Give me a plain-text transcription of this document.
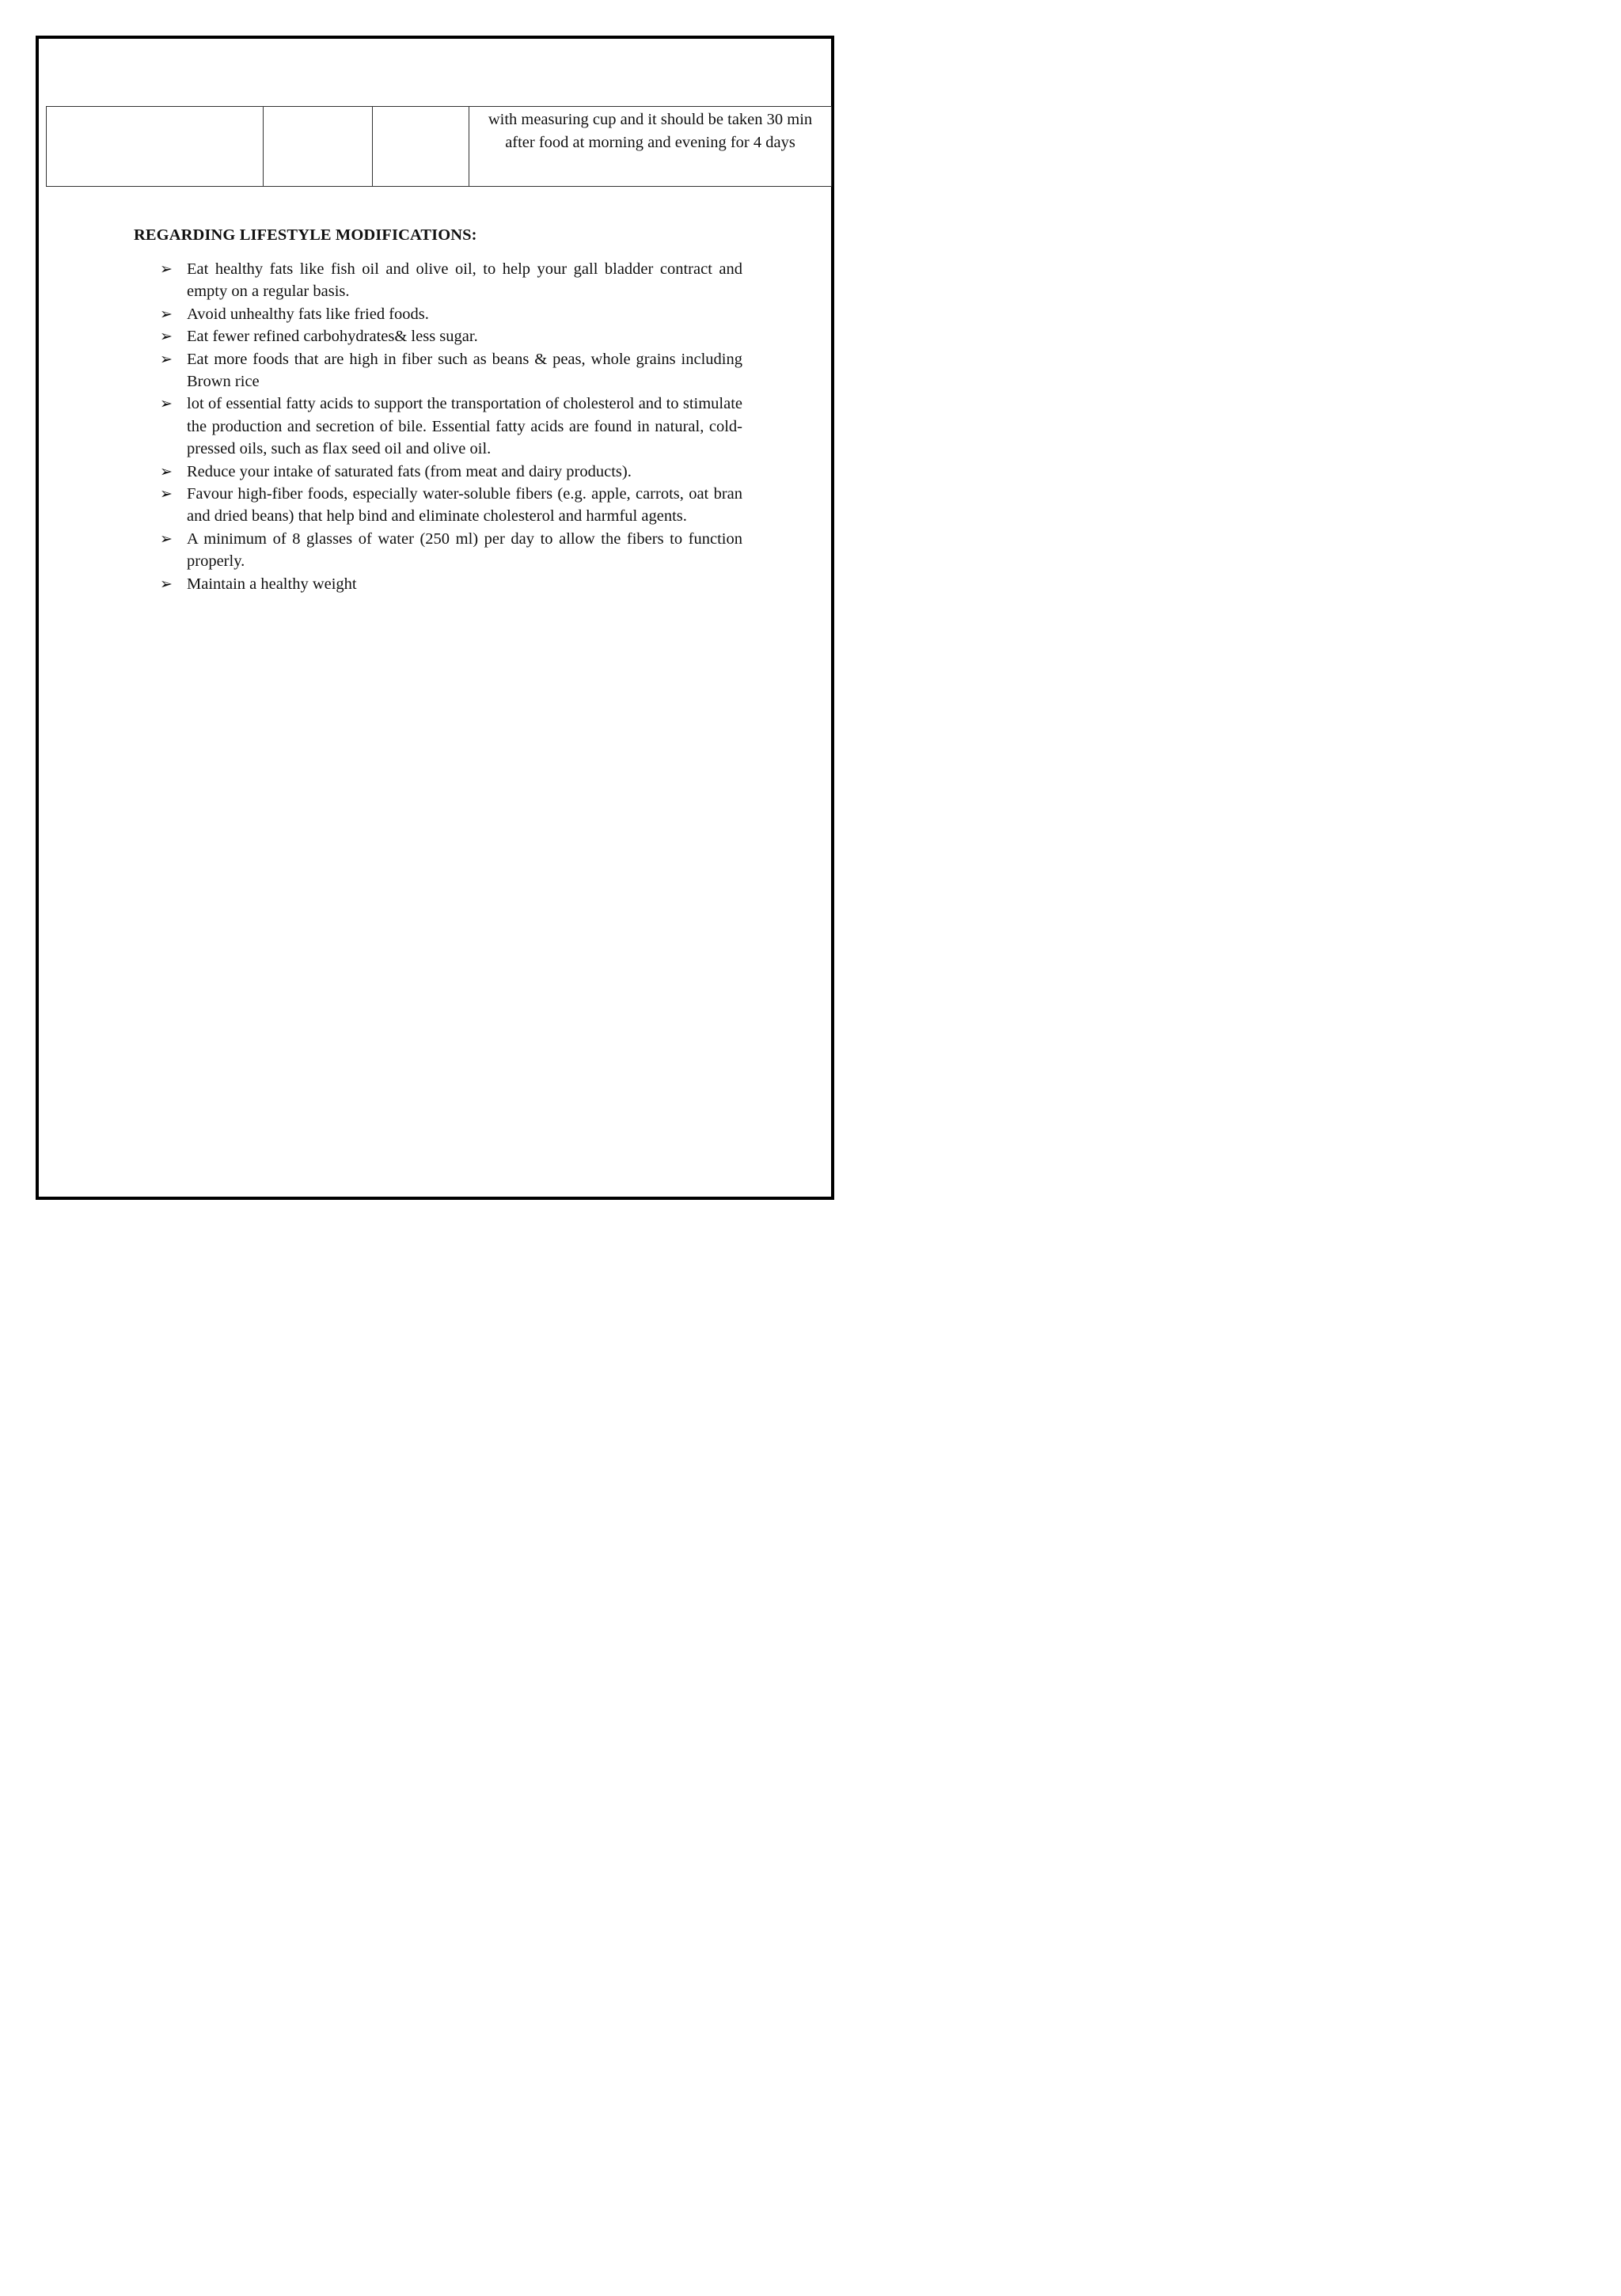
with measuring cup and it should be taken 30 min after food at morning and evening for 4 days
REGARDING LIFESTYLE MODIFICATIONS:
➢ Eat healthy fats like fish oil and olive oil, to help your gall bladder contract and empty on a regular basis.
➢ Avoid unhealthy fats like fried foods.
➢ Eat fewer refined carbohydrates& less sugar.
➢ Eat more foods that are high in fiber such as beans & peas, whole grains including Brown rice
➢ lot of essential fatty acids to support the transportation of cholesterol and to stimulate the production and secretion of bile. Essential fatty acids are found in natural, cold-pressed oils, such as flax seed oil and olive oil.
➢ Reduce your intake of saturated fats (from meat and dairy products).
➢ Favour high-fiber foods, especially water-soluble fibers (e.g. apple, carrots, oat bran and dried beans) that help bind and eliminate cholesterol and harmful agents.
➢ A minimum of 8 glasses of water (250 ml) per day to allow the fibers to function properly.
➢ Maintain a healthy weight
